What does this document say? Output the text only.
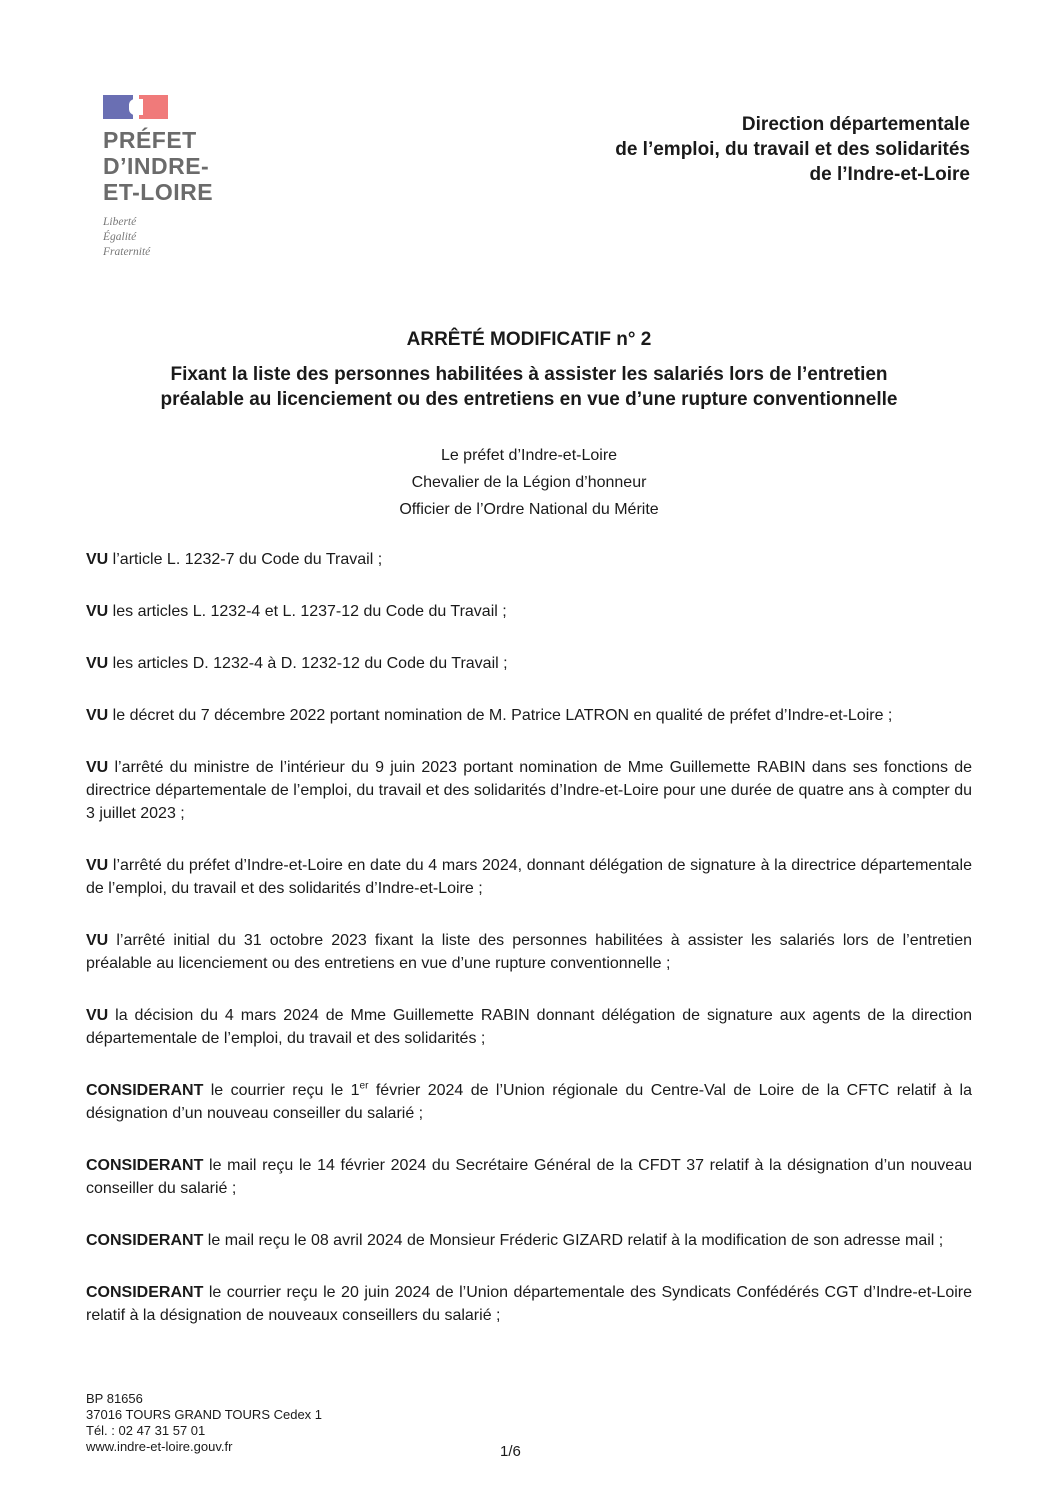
PRÉFET
D’INDRE-
ET-LOIRE
Liberté
Égalité
Fraternité
Direction départementale
de l’emploi, du travail et des solidarités
de l’Indre-et-Loire
ARRÊTÉ MODIFICATIF n° 2
Fixant la liste des personnes habilitées à assister les salariés lors de l’entretien
préalable au licenciement ou des entretiens en vue d’une rupture conventionnelle
Le préfet d’Indre-et-Loire
Chevalier de la Légion d’honneur
Officier de l’Ordre National du Mérite

VU l’article L. 1232-7 du Code du Travail ;

VU les articles L. 1232-4 et L. 1237-12 du Code du Travail ;

VU les articles D. 1232-4 à D. 1232-12 du Code du Travail ;

VU le décret du 7 décembre 2022 portant nomination de M. Patrice LATRON en qualité de préfet d’Indre-et-Loire ;

VU l’arrêté du ministre de l’intérieur du 9 juin 2023 portant nomination de Mme Guillemette RABIN dans ses fonctions de directrice départementale de l’emploi, du travail et des solidarités d’Indre-et-Loire pour une durée de quatre ans à compter du 3 juillet 2023 ;

VU l’arrêté du préfet d’Indre-et-Loire en date du 4 mars 2024, donnant délégation de signature à la directrice départementale de l’emploi, du travail et des solidarités d’Indre-et-Loire ;

VU l’arrêté initial du 31 octobre 2023 fixant la liste des personnes habilitées à assister les salariés lors de l’entretien préalable au licenciement ou des entretiens en vue d’une rupture conventionnelle ;

VU la décision du 4 mars 2024 de Mme Guillemette RABIN donnant délégation de signature aux agents de la direction départementale de l’emploi, du travail et des solidarités ;

CONSIDERANT le courrier reçu le 1er février 2024 de l’Union régionale du Centre-Val de Loire de la CFTC relatif à la désignation d’un nouveau conseiller du salarié ;

CONSIDERANT le mail reçu le 14 février 2024 du Secrétaire Général de la CFDT 37 relatif à la désignation d’un nouveau conseiller du salarié ;

CONSIDERANT le mail reçu le 08 avril 2024 de Monsieur Fréderic GIZARD relatif à la modification de son adresse mail ;

CONSIDERANT le courrier reçu le 20 juin 2024 de l’Union départementale des Syndicats Confédérés CGT d’Indre-et-Loire relatif à la désignation de nouveaux conseillers du salarié ;

BP 81656
37016 TOURS GRAND TOURS Cedex 1
Tél. : 02 47 31 57 01
www.indre-et-loire.gouv.fr	1/6
